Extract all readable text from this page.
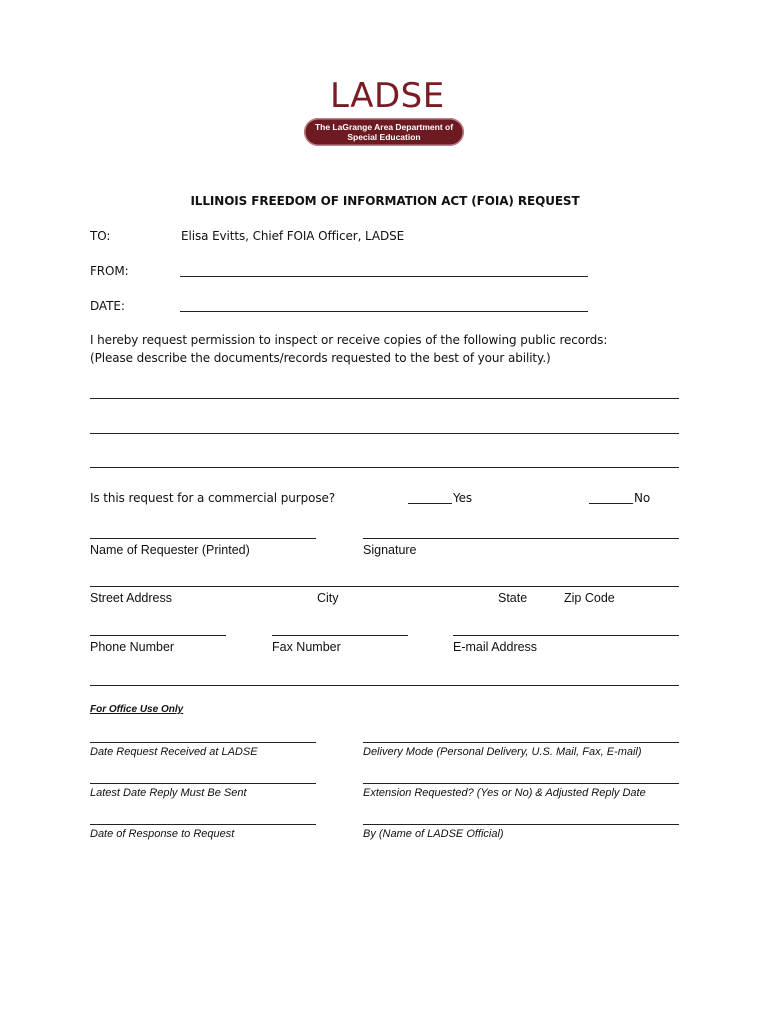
LADSE
The LaGrange Area Department of
Special Education
ILLINOIS FREEDOM OF INFORMATION ACT (FOIA) REQUEST
TO:	Elisa Evitts, Chief FOIA Officer, LADSE
FROM:
DATE:
I hereby request permission to inspect or receive copies of the following public records:
(Please describe the documents/records requested to the best of your ability.)
Is this request for a commercial purpose?	Yes	No
Name of Requester (Printed)	Signature
Street Address	City	State	Zip Code
Phone Number	Fax Number	E-mail Address
For Office Use Only
Date Request Received at LADSE	Delivery Mode (Personal Delivery, U.S. Mail, Fax, E-mail)
Latest Date Reply Must Be Sent	Extension Requested? (Yes or No) & Adjusted Reply Date
Date of Response to Request	By (Name of LADSE Official)
